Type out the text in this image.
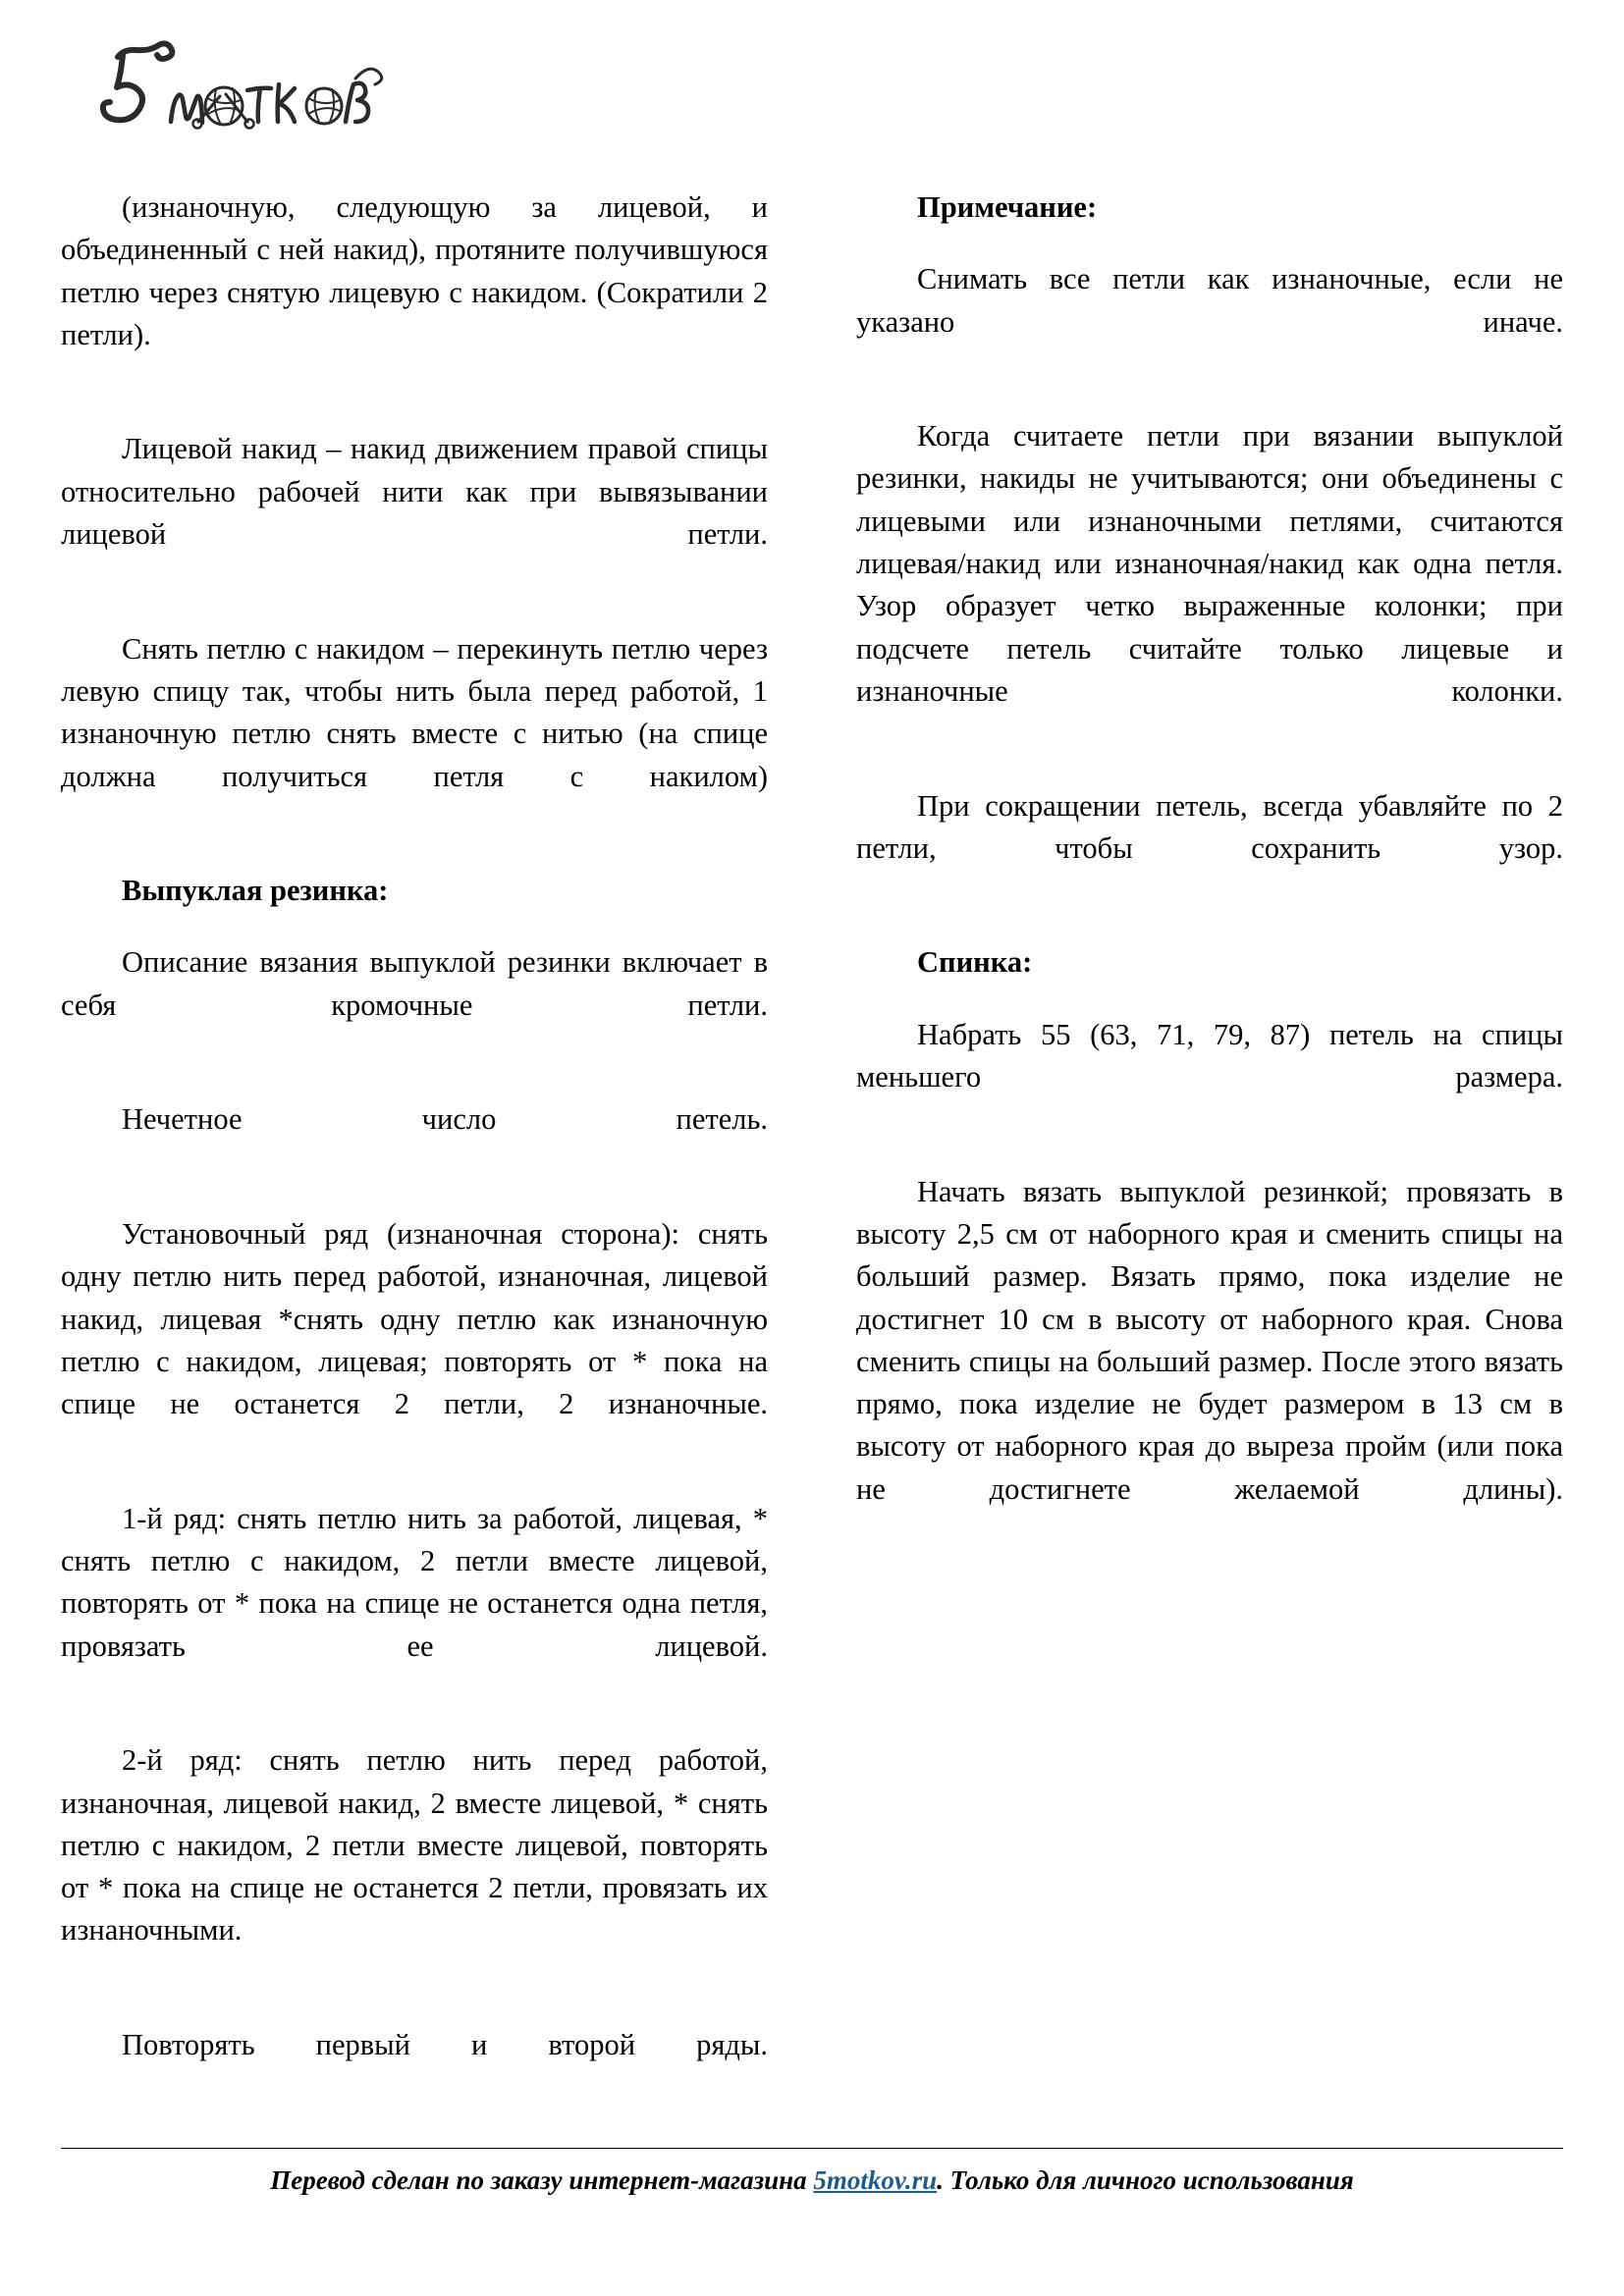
(изнаночную, следующую за лицевой, и объединенный с ней накид), протяните получившуюся петлю через снятую лицевую с накидом. (Сократили 2 петли).

Лицевой накид – накид движением правой спицы относительно рабочей нити как при вывязывании лицевой петли.

Снять петлю с накидом – перекинуть петлю через левую спицу так, чтобы нить была перед работой, 1 изнаночную петлю снять вместе с нитью (на спице должна получиться петля с накилом)

Выпуклая резинка:

Описание вязания выпуклой резинки включает в себя кромочные петли.

Нечетное число петель.

Установочный ряд (изнаночная сторона): снять одну петлю нить перед работой, изнаночная, лицевой накид, лицевая *снять одну петлю как изнаночную петлю с накидом, лицевая; повторять от * пока на спице не останется 2 петли, 2 изнаночные.

1-й ряд: снять петлю нить за работой, лицевая, * снять петлю с накидом, 2 петли вместе лицевой, повторять от * пока на спице не останется одна петля, провязать ее лицевой.

2-й ряд: снять петлю нить перед работой, изнаночная, лицевой накид, 2 вместе лицевой, * снять петлю с накидом, 2 петли вместе лицевой, повторять от * пока на спице не останется 2 петли, провязать их изнаночными.

Повторять первый и второй ряды.

Примечание:

Снимать все петли как изнаночные, если не указано иначе.

Когда считаете петли при вязании выпуклой резинки, накиды не учитываются; они объединены с лицевыми или изнаночными петлями, считаются лицевая/накид или изнаночная/накид как одна петля. Узор образует четко выраженные колонки; при подсчете петель считайте только лицевые и изнаночные колонки.

При сокращении петель, всегда убавляйте по 2 петли, чтобы сохранить узор.

Спинка:

Набрать 55 (63, 71, 79, 87) петель на спицы меньшего размера.

Начать вязать выпуклой резинкой; провязать в высоту 2,5 см от наборного края и сменить спицы на больший размер. Вязать прямо, пока изделие не достигнет 10 см в высоту от наборного края. Снова сменить спицы на больший размер. После этого вязать прямо, пока изделие не будет размером в 13 см в высоту от наборного края до выреза пройм (или пока не достигнете желаемой длины).

Перевод сделан по заказу интернет-магазина 5motkov.ru. Только для личного использования
